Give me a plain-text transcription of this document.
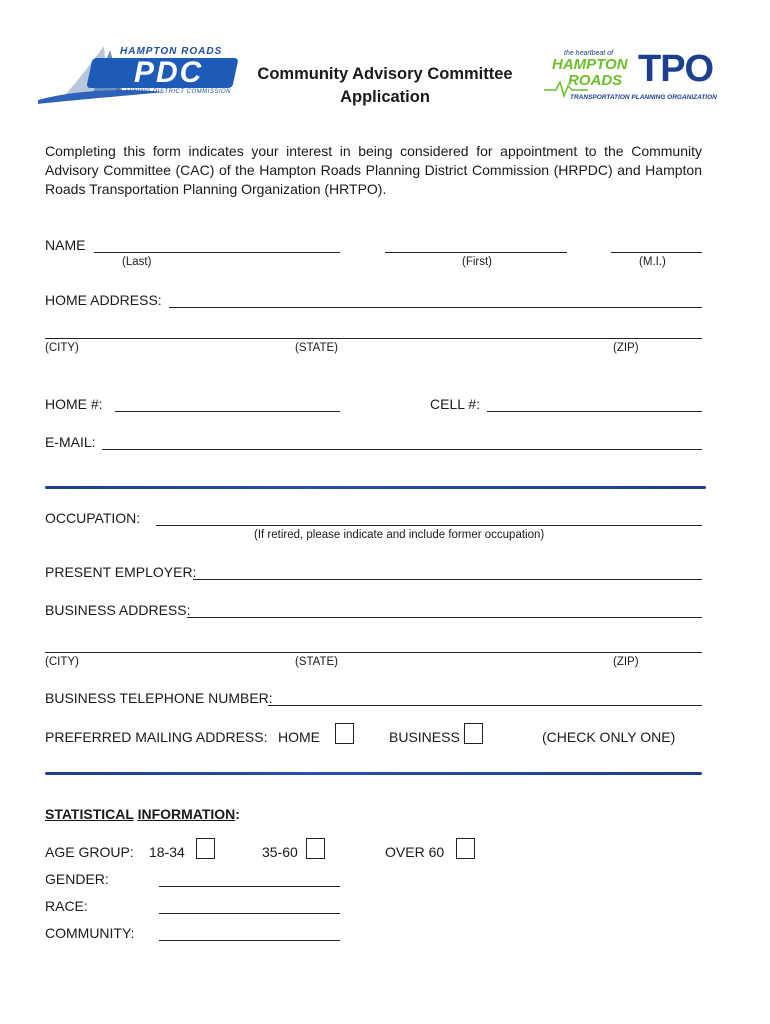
HAMPTON ROADS
PDC
PLANNING DISTRICT COMMISSION
Community Advisory Committee
Application
the heartbeat of
HAMPTON
ROADS TPO
TRANSPORTATION PLANNING ORGANIZATION
Completing this form indicates your interest in being considered for appointment to the Community Advisory Committee (CAC) of the Hampton Roads Planning District Commission (HRPDC) and Hampton Roads Transportation Planning Organization (HRTPO).
NAME
(Last)	(First)	(M.I.)
HOME ADDRESS:
(CITY)	(STATE)	(ZIP)
HOME #:	CELL #:
E-MAIL:
OCCUPATION:
(If retired, please indicate and include former occupation)
PRESENT EMPLOYER:
BUSINESS ADDRESS:
(CITY)	(STATE)	(ZIP)
BUSINESS TELEPHONE NUMBER:
PREFERRED MAILING ADDRESS: HOME	BUSINESS	(CHECK ONLY ONE)
STATISTICAL INFORMATION:
AGE GROUP: 18-34	35-60	OVER 60
GENDER:
RACE:
COMMUNITY:
